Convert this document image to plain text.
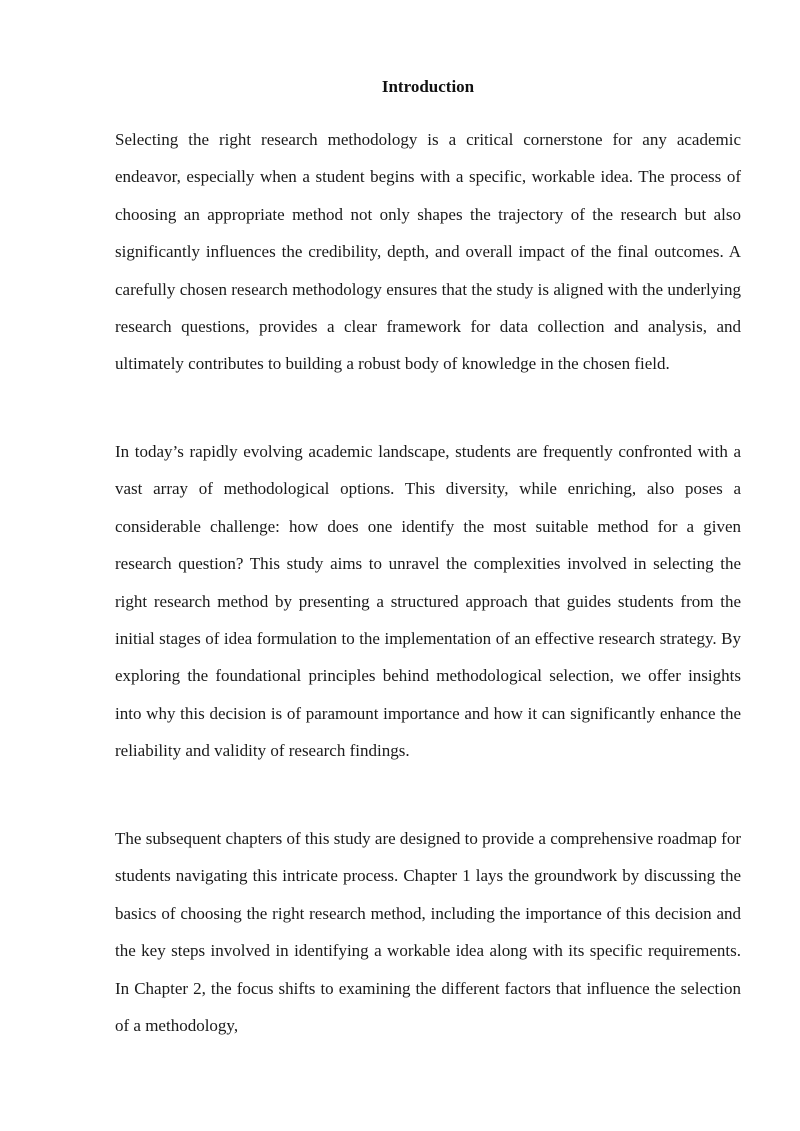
Introduction

Selecting the right research methodology is a critical cornerstone for any academic endeavor, especially when a student begins with a specific, workable idea. The process of choosing an appropriate method not only shapes the trajectory of the research but also significantly influences the credibility, depth, and overall impact of the final outcomes. A carefully chosen research methodology ensures that the study is aligned with the underlying research questions, provides a clear framework for data collection and analysis, and ultimately contributes to building a robust body of knowledge in the chosen field.

In today’s rapidly evolving academic landscape, students are frequently confronted with a vast array of methodological options. This diversity, while enriching, also poses a considerable challenge: how does one identify the most suitable method for a given research question? This study aims to unravel the complexities involved in selecting the right research method by presenting a structured approach that guides students from the initial stages of idea formulation to the implementation of an effective research strategy. By exploring the foundational principles behind methodological selection, we offer insights into why this decision is of paramount importance and how it can significantly enhance the reliability and validity of research findings.

The subsequent chapters of this study are designed to provide a comprehensive roadmap for students navigating this intricate process. Chapter 1 lays the groundwork by discussing the basics of choosing the right research method, including the importance of this decision and the key steps involved in identifying a workable idea along with its specific requirements. In Chapter 2, the focus shifts to examining the different factors that influence the selection of a methodology,
